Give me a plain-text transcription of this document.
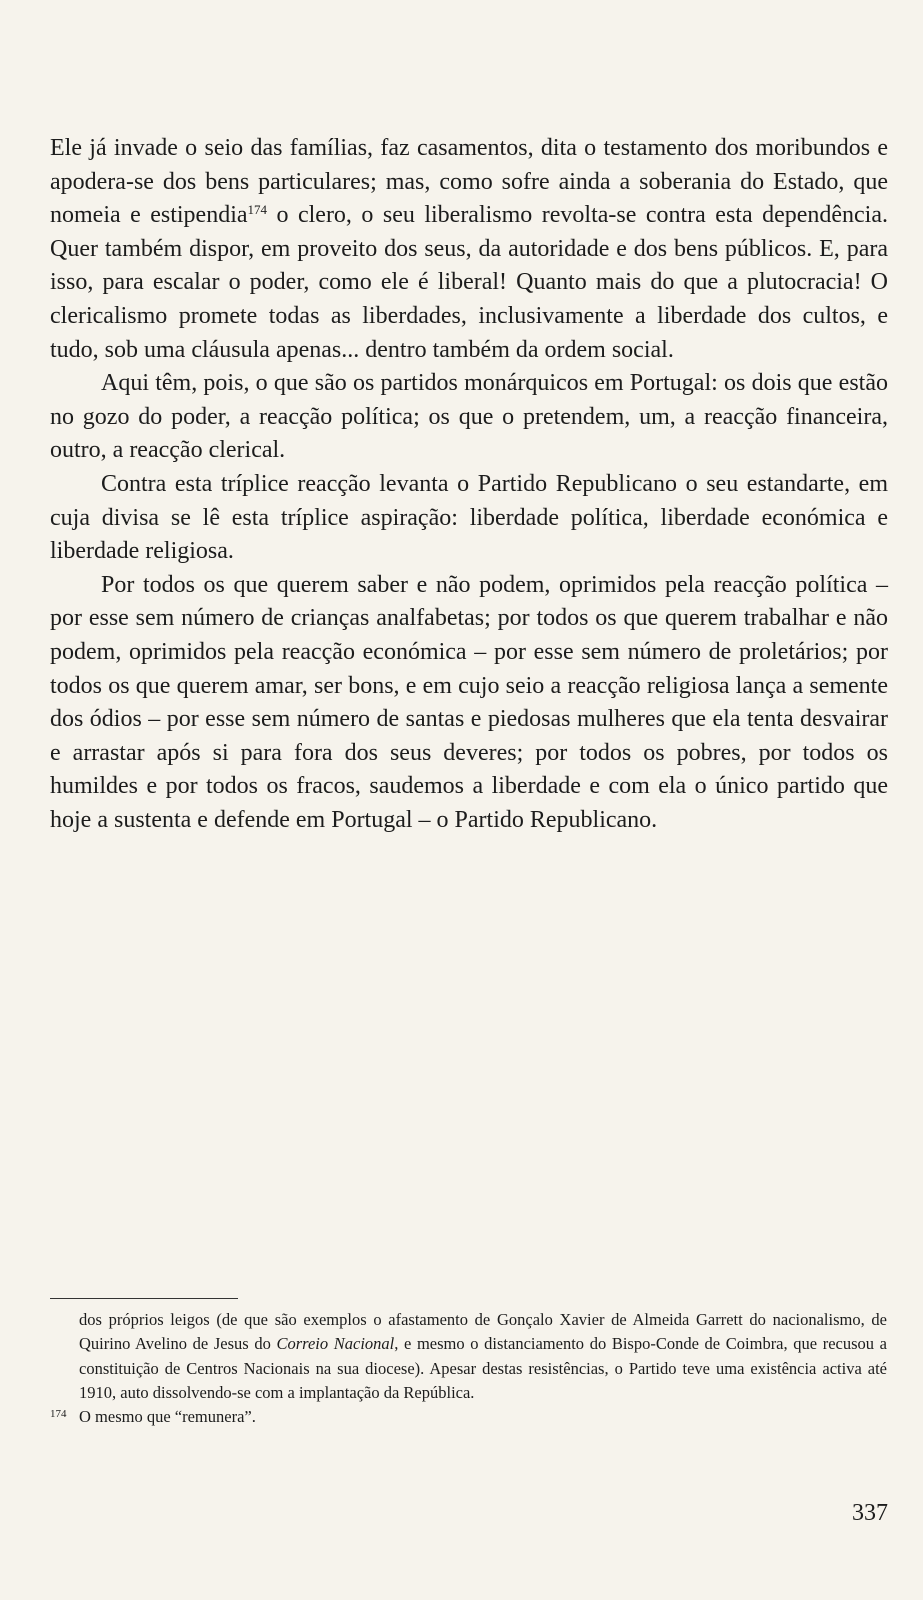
Ele já invade o seio das famílias, faz casamentos, dita o testamento dos moribundos e apodera-se dos bens particulares; mas, como sofre ainda a soberania do Estado, que nomeia e estipendia$^{174}$ o clero, o seu liberalismo revolta-se contra esta dependência. Quer também dispor, em proveito dos seus, da autoridade e dos bens públicos. E, para isso, para escalar o poder, como ele é liberal! Quanto mais do que a plutocracia! O clericalismo promete todas as liberdades, inclusivamente a liberdade dos cultos, e tudo, sob uma cláusula apenas... dentro também da ordem social.

Aqui têm, pois, o que são os partidos monárquicos em Portugal: os dois que estão no gozo do poder, a reacção política; os que o pretendem, um, a reacção financeira, outro, a reacção clerical.

Contra esta tríplice reacção levanta o Partido Republicano o seu estandarte, em cuja divisa se lê esta tríplice aspiração: liberdade política, liberdade económica e liberdade religiosa.

Por todos os que querem saber e não podem, oprimidos pela reacção política – por esse sem número de crianças analfabetas; por todos os que querem trabalhar e não podem, oprimidos pela reacção económica – por esse sem número de proletários; por todos os que querem amar, ser bons, e em cujo seio a reacção religiosa lança a semente dos ódios – por esse sem número de santas e piedosas mulheres que ela tenta desvairar e arrastar após si para fora dos seus deveres; por todos os pobres, por todos os humildes e por todos os fracos, saudemos a liberdade e com ela o único partido que hoje a sustenta e defende em Portugal – o Partido Republicano.

dos próprios leigos (de que são exemplos o afastamento de Gonçalo Xavier de Almeida Garrett do nacionalismo, de Quirino Avelino de Jesus do Correio Nacional, e mesmo o distanciamento do Bispo-Conde de Coimbra, que recusou a constituição de Centros Nacionais na sua diocese). Apesar destas resistências, o Partido teve uma existência activa até 1910, auto dissolvendo-se com a implantação da República.

174 O mesmo que “remunera”.

337
